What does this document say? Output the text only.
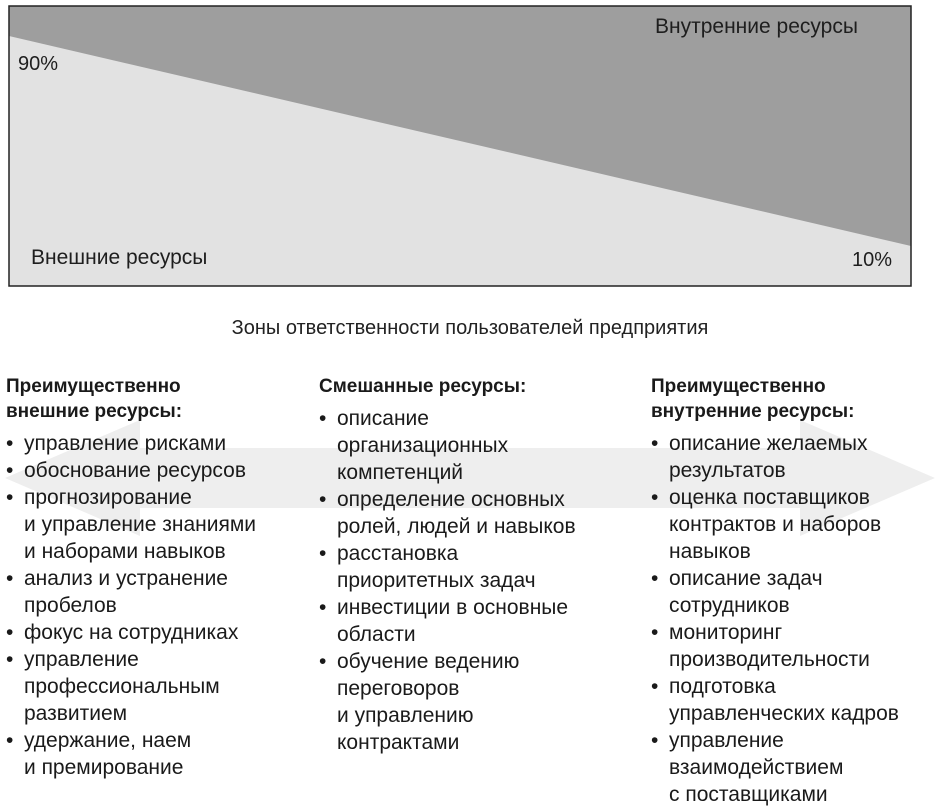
Внутренние ресурсы
90%
Внешние ресурсы	10%
Зоны ответственности пользователей предприятия
Преимущественно
внешние ресурсы:
• управление рисками
• обоснование ресурсов
• прогнозирование
и управление знаниями
и наборами навыков
• анализ и устранение
пробелов
• фокус на сотрудниках
• управление
профессиональным
развитием
• удержание, наем
и премирование
Смешанные ресурсы:
• описание
организационных
компетенций
• определение основных
ролей, людей и навыков
• расстановка
приоритетных задач
• инвестиции в основные
области
• обучение ведению
переговоров
и управлению
контрактами
Преимущественно
внутренние ресурсы:
• описание желаемых
результатов
• оценка поставщиков
контрактов и наборов
навыков
• описание задач
сотрудников
• мониторинг
производительности
• подготовка
управленческих кадров
• управление
взаимодействием
с поставщиками
